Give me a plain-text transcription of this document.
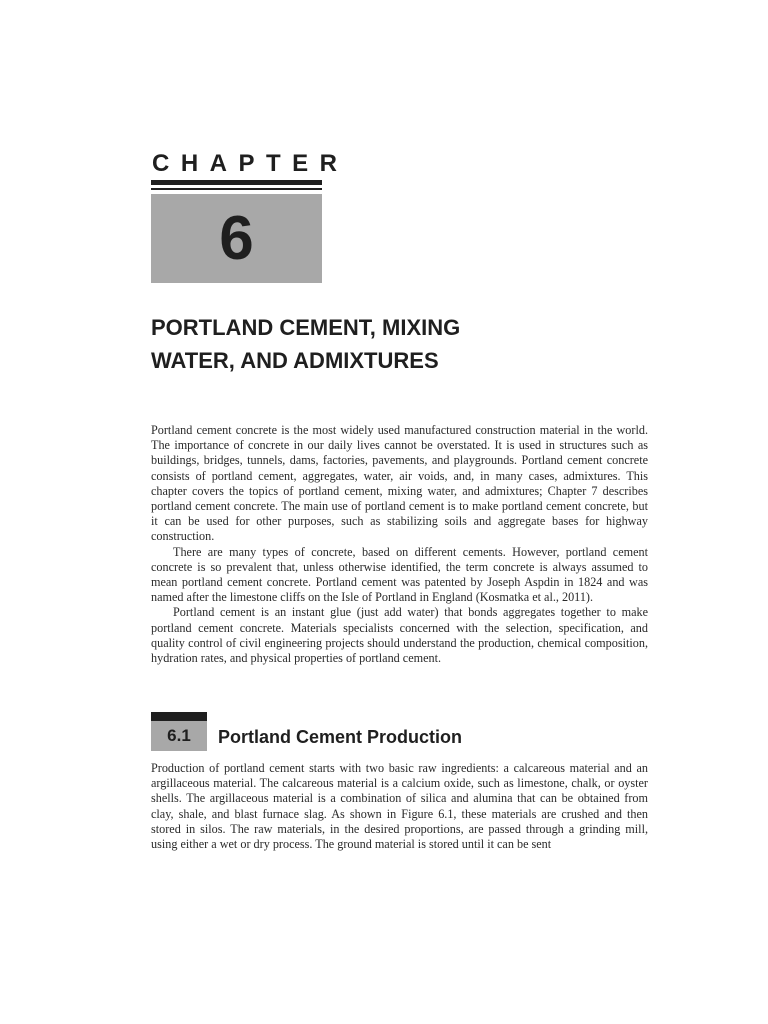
CHAPTER
6
PORTLAND CEMENT, MIXING
WATER, AND ADMIXTURES

Portland cement concrete is the most widely used manufactured construction material in the world. The importance of concrete in our daily lives cannot be overstated. It is used in structures such as buildings, bridges, tunnels, dams, factories, pavements, and playgrounds. Portland cement concrete consists of portland cement, aggregates, water, air voids, and, in many cases, admixtures. This chapter covers the topics of portland cement, mixing water, and admixtures; Chapter 7 describes portland cement concrete. The main use of portland cement is to make portland cement concrete, but it can be used for other purposes, such as stabilizing soils and aggregate bases for highway construction.

There are many types of concrete, based on different cements. However, portland cement concrete is so prevalent that, unless otherwise identified, the term concrete is always assumed to mean portland cement concrete. Portland cement was patented by Joseph Aspdin in 1824 and was named after the limestone cliffs on the Isle of Portland in England (Kosmatka et al., 2011).

Portland cement is an instant glue (just add water) that bonds aggregates together to make portland cement concrete. Materials specialists concerned with the selection, specification, and quality control of civil engineering projects should understand the production, chemical composition, hydration rates, and physical properties of portland cement.

6.1 Portland Cement Production

Production of portland cement starts with two basic raw ingredients: a calcareous material and an argillaceous material. The calcareous material is a calcium oxide, such as limestone, chalk, or oyster shells. The argillaceous material is a combination of silica and alumina that can be obtained from clay, shale, and blast furnace slag. As shown in Figure 6.1, these materials are crushed and then stored in silos. The raw materials, in the desired proportions, are passed through a grinding mill, using either a wet or dry process. The ground material is stored until it can be sent
